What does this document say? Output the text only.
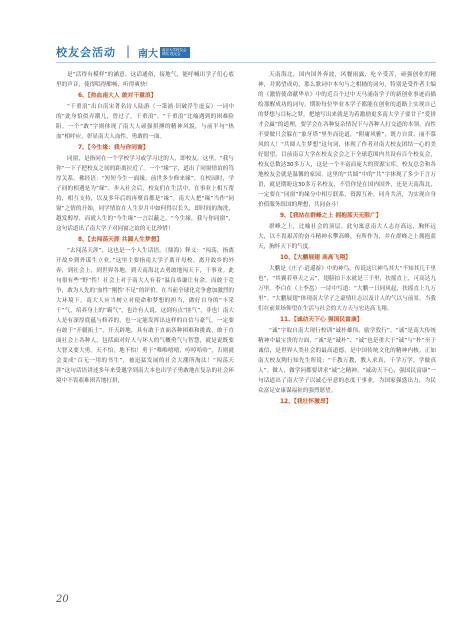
校友会活动 | 南大	南京大学校友会网站 校友会

是“活得有模样”的涵意。这话通俗，接地气，能呼喊出学子们心底里的声音，使得唱得酣畅，听得爽快！

6、【热血南大人 敢对千重浪】

“千重浪”出自南宋著名诗人陆游（一箫浦·识破浮生虚妄）一词中的“此身恰似弄潮儿，曾过了，千重浪”。“千重浪”比喻遇到的困难险阻。一个“敢”字则体现了南大人顽强拼搏的精神风貌，与前半句“热血”相呼应，彰显南大人血性、勇敢的一面。

7、【今生缘：我与你同窗】

同窗，是指同在一个学校学习或学习过的人，即校友。这里，“我与你”一下子把校友之间的距离拉近了。一个“缘”字，道出了同窗情谊的笃厚关系。佛经语：“短短今生一面缘，前世多少修来缘”，在校园时，学子间的相遇是为“缘”，步入社会后，校友们在生活中、在事业上相互帮持，相互支持，以及多年后的再聚首都是“缘”。南大人把“缘”当作“同窗”之情的开始，同学情谊在人生岁月中如何得以长久，即时间的淘洗，越发醇厚，而就人生的“今生缘”一言以蔽之，“今生缘，我与你同窗”，这句话道出了南大学子对同窗之谊的无比珍惜！

8、【去闯荡天涯 共圆人生梦想】

“去闯荡天涯”，这也是一个人生话语。（鼎海）释义：“闯荡，指离开故乡到外谋生立业。”这里主要指南大学子离开母校、离开故乡的外奔，到社会上，到世界各地，到天南海北去勇敢地闯天下，干事业。此句很有些“野”性！社会上对于南大人有着“温良恭谦让有余，而敢于竞争，敢为人先的‘血性’‘刚性’不足”的评价。在当前全球化竞争愈加激烈的大环境下，南大人应当树立对使命和梦想的担当，做好自身的“丰采千”气，培养身上的“霸气”，也许有人说，这到有点“匪气”，非也！南大人是有深厚底蕴与修养的，也一定能发挥出这样的自信与豪气，一定要有敢于“开疆拓土”，开天辟地，具有敢于直面各种困难和挑战，敢于直面社会上各种人，包括面对好人与坏人的气概勇气与智慧，就是说既要大智又要大勇。天不怕，地不怕！勇于“唯唯嘻嘻，哼哼哈哈”，否则就会变成“百无一用的书生”，被迅猛发展的社会大潮所淘汰！“闯荡天涯”这句话语讲述多年来受邀学到南大本也出学子勇敢地在复杂的社会环境中不畏艰难困苦地打拼，

天南海北，国内国外奔波，风餐雨露，吃辛受苦，顽强创业的精神，并渴望成功，那么歌词中本句与之相辅的词句，特别是受作者主编的《激情使命献华章》中的近百个过中天马涌南学子的新创业事迹而描绘那醒成功的词句。期盼每位毕业本学子都能在创业的道路上实现自己的梦想与目标之梦。把她写出来就是为着激励更多南大学子要甘于“爱拼才会赢”的道理，要学会在各种复杂情况下与各种人打交道的本领，而性不要做只会躲在“象牙塔”里坐而论道，“附庸风雅”，既方自赏、丽不慕风的人！“共圆人生梦想”这句词，体现了作者对南大校友团结一心的美好愿望。目前南京大学在校友会会之下全球范围内共设有百个校友会，校友总数达30多万人，这是一个丰富而庞大的资源宝库。校友总会和各地校友会就是温馨的家园。这里的“共圆”中的“共”字体现了多少千言万语，就是期盼这30多万名校友，不管你是在国内国外，还是天南海北，一定要在“同窗”的缘分中相互联系，资源互补，同舟共济，为实现自身价值服务组国的理想，共同奋斗！

9、【我站在群峰之上 拥抱蓝天无限广】

群峰之上，比喻社会的顶层。此句寓意南大人志存高远，胸怀远大，以不畏艰苦的奋斗精神永攀高峰，有所作为，并在群峰之上拥抱蓝天，胸怀天下的气度。

10、【大鹏展翅 高高飞翔】

大鹏是《庄子·逍遥游》中的神鸟，传说这只神鸟其大“不知其几千里也”，“其翼若垂天之云”，翅膀拍下水就是三千里，扶摇直上，可高达九万里。李白在（上李邕）一诗中写道：“大鹏一日同风起，扶摇直上九万里”。“大鹏展翅”体现南大学子之豪情壮志以及让人的气以与前景。当我们在前景场仰望在生活与社会的大方天与宏达高飞翔。

11、【诚动天下心 强国民富康】

“诚”字取自南大现行校训“诚朴雄伟，励学敦行”。“诚”是南大传统精神中最宝贵的方面，“诚”是“诚朴”、“诚”也是重大于“诚”与“朴”至于诚信，是世界人类社会的最高道德，是中国传统文化的精神内核。正如南大校友陶行知先生所说：“千教万教，教人求真，千学万学，学做真人”。做人，做学问都要讲求“诚”之精神。“诚动天下心，强国民富康”一句话道出了南大学子以诚心至意的态度干事业，为国家强盛出力，为民众富足安康谋福祉的强烈愿望。

12、【我壮怀激昂】
20
